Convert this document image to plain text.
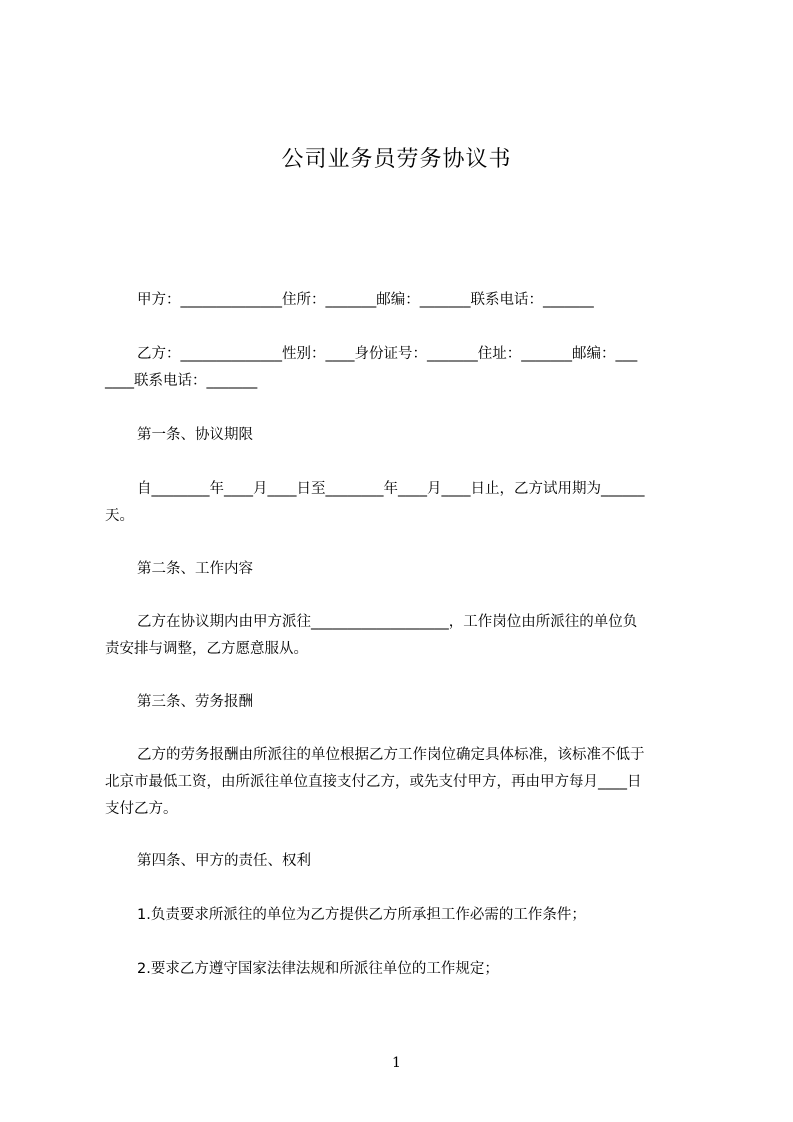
公司业务员劳务协议书
甲方：______________住所：_______邮编：_______联系电话：_______
乙方：______________性别：____身份证号：_______住址：_______邮编：___
____联系电话：_______
第一条、协议期限
自________年____月____日至________年____月____日止，乙方试用期为______
天。
第二条、工作内容
乙方在协议期内由甲方派往___________________，工作岗位由所派往的单位负
责安排与调整，乙方愿意服从。
第三条、劳务报酬
乙方的劳务报酬由所派往的单位根据乙方工作岗位确定具体标准，该标准不低于
北京市最低工资，由所派往单位直接支付乙方，或先支付甲方，再由甲方每月____日
支付乙方。
第四条、甲方的责任、权利
1.负责要求所派往的单位为乙方提供乙方所承担工作必需的工作条件；
2.要求乙方遵守国家法律法规和所派往单位的工作规定；
1
